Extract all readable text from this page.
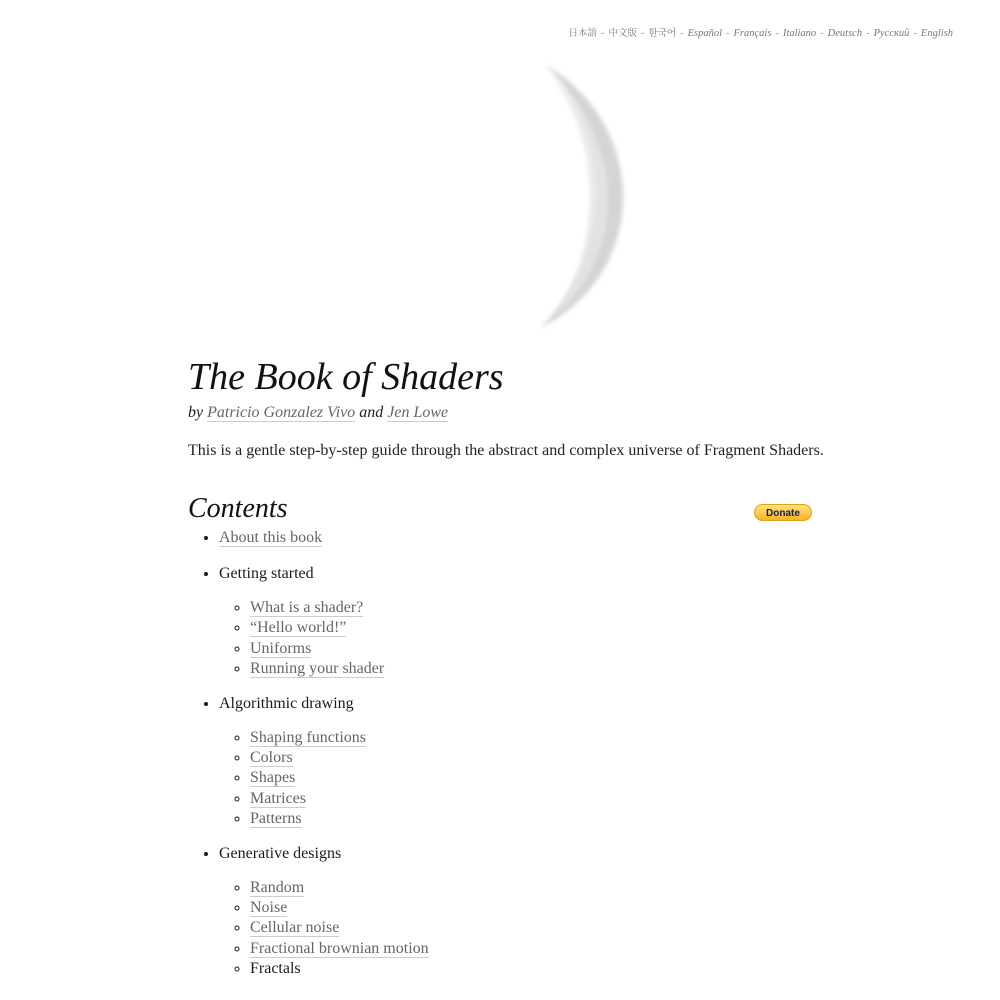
日本語 - 中文版 - 한국어 - Español - Français - Italiano - Deutsch - Русский - English
The Book of Shaders
by Patricio Gonzalez Vivo and Jen Lowe

This is a gentle step-by-step guide through the abstract and complex universe of Fragment Shaders.

Contents	Donate
• About this book
• Getting started
◦ What is a shader?
◦ “Hello world!”
◦ Uniforms
◦ Running your shader
• Algorithmic drawing
◦ Shaping functions
◦ Colors
◦ Shapes
◦ Matrices
◦ Patterns
• Generative designs
◦ Random
◦ Noise
◦ Cellular noise
◦ Fractional brownian motion
◦ Fractals
